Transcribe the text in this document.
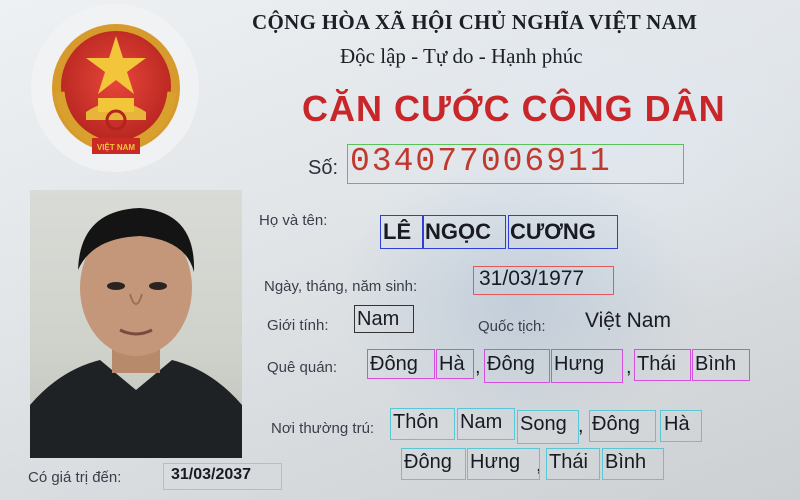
VIỆT NAM
CỘNG HÒA XÃ HỘI CHỦ NGHĨA VIỆT NAM
Độc lập - Tự do - Hạnh phúc
CĂN CƯỚC CÔNG DÂN
Số: 034077006911
Họ và tên:	LÊ NGỌC CƯƠNG
Ngày, tháng, năm sinh:	31/03/1977
Giới tính: Nam	Quốc tịch: Việt Nam
Quê quán: Đông Hà , Đông Hưng , Thái Bình
Nơi thường trú: Thôn Nam Song , Đông Hà
Đông Hưng , Thái Bình
Có giá trị đến:	31/03/2037
